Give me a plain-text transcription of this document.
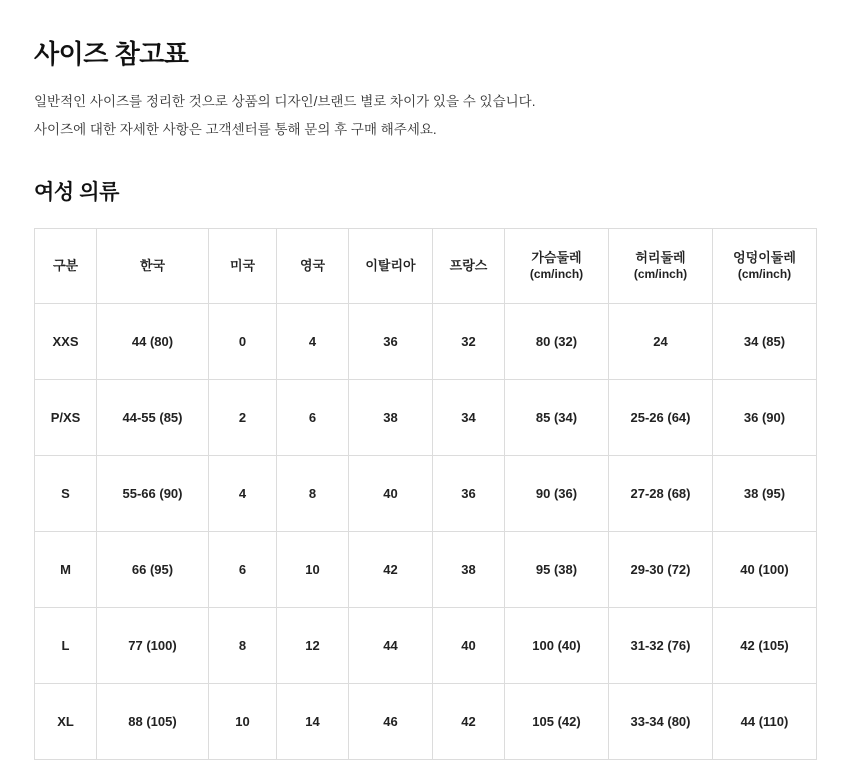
사이즈 참고표

일반적인 사이즈를 정리한 것으로 상품의 디자인/브랜드 별로 차이가 있을 수 있습니다.

사이즈에 대한 자세한 사항은 고객센터를 통해 문의 후 구매 해주세요.

여성 의류
구분	한국	미국	영국	이탈리아	프랑스	가슴둘레
(cm/inch)	허리둘레
(cm/inch)	엉덩이둘레
(cm/inch)

XXS	44 (80)	0	4	36	32	80 (32)	24	34 (85)
P/XS	44-55 (85)	2	6	38	34	85 (34)	25-26 (64)	36 (90)
S	55-66 (90)	4	8	40	36	90 (36)	27-28 (68)	38 (95)
M	66 (95)	6	10	42	38	95 (38)	29-30 (72)	40 (100)
L	77 (100)	8	12	44	40	100 (40)	31-32 (76)	42 (105)
XL	88 (105)	10	14	46	42	105 (42)	33-34 (80)	44 (110)
